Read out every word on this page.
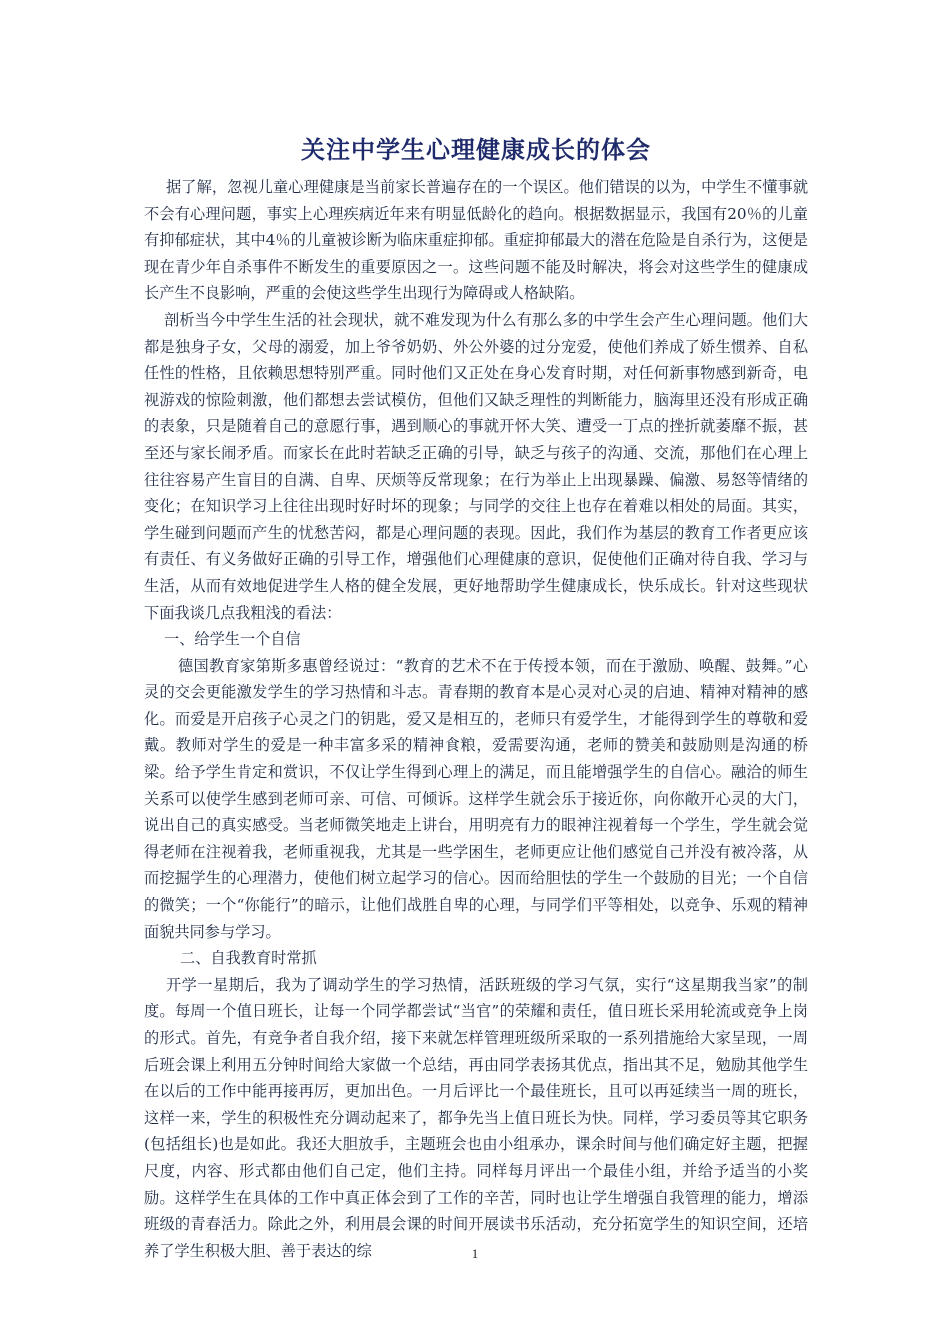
关注中学生心理健康成长的体会

据了解，忽视儿童心理健康是当前家长普遍存在的一个误区。他们错误的以为，中学生不懂事就不会有心理问题，事实上心理疾病近年来有明显低龄化的趋向。根据数据显示，我国有20％的儿童有抑郁症状，其中4％的儿童被诊断为临床重症抑郁。重症抑郁最大的潜在危险是自杀行为，这便是现在青少年自杀事件不断发生的重要原因之一。这些问题不能及时解决，将会对这些学生的健康成长产生不良影响，严重的会使这些学生出现行为障碍或人格缺陷。

剖析当今中学生生活的社会现状，就不难发现为什么有那么多的中学生会产生心理问题。他们大都是独身子女，父母的溺爱，加上爷爷奶奶、外公外婆的过分宠爱，使他们养成了娇生惯养、自私任性的性格，且依赖思想特别严重。同时他们又正处在身心发育时期，对任何新事物感到新奇，电视游戏的惊险刺激，他们都想去尝试模仿，但他们又缺乏理性的判断能力，脑海里还没有形成正确的表象，只是随着自己的意愿行事，遇到顺心的事就开怀大笑、遭受一丁点的挫折就萎靡不振，甚至还与家长闹矛盾。而家长在此时若缺乏正确的引导，缺乏与孩子的沟通、交流，那他们在心理上往往容易产生盲目的自满、自卑、厌烦等反常现象；在行为举止上出现暴躁、偏激、易怒等情绪的变化；在知识学习上往往出现时好时坏的现象；与同学的交往上也存在着难以相处的局面。其实，学生碰到问题而产生的忧愁苦闷，都是心理问题的表现。因此，我们作为基层的教育工作者更应该有责任、有义务做好正确的引导工作，增强他们心理健康的意识，促使他们正确对待自我、学习与生活，从而有效地促进学生人格的健全发展，更好地帮助学生健康成长，快乐成长。针对这些现状下面我谈几点我粗浅的看法：

一、给学生一个自信

德国教育家第斯多惠曾经说过：“教育的艺术不在于传授本领，而在于激励、唤醒、鼓舞。”心灵的交会更能激发学生的学习热情和斗志。青春期的教育本是心灵对心灵的启迪、精神对精神的感化。而爱是开启孩子心灵之门的钥匙，爱又是相互的，老师只有爱学生，才能得到学生的尊敬和爱戴。教师对学生的爱是一种丰富多采的精神食粮，爱需要沟通，老师的赞美和鼓励则是沟通的桥梁。给予学生肯定和赏识，不仅让学生得到心理上的满足，而且能增强学生的自信心。融洽的师生关系可以使学生感到老师可亲、可信、可倾诉。这样学生就会乐于接近你，向你敞开心灵的大门，说出自己的真实感受。当老师微笑地走上讲台，用明亮有力的眼神注视着每一个学生，学生就会觉得老师在注视着我，老师重视我，尤其是一些学困生，老师更应让他们感觉自己并没有被冷落，从而挖掘学生的心理潜力，使他们树立起学习的信心。因而给胆怯的学生一个鼓励的目光；一个自信的微笑；一个“你能行”的暗示，让他们战胜自卑的心理，与同学们平等相处，以竞争、乐观的精神面貌共同参与学习。

二、自我教育时常抓

开学一星期后，我为了调动学生的学习热情，活跃班级的学习气氛，实行“这星期我当家”的制度。每周一个值日班长，让每一个同学都尝试“当官”的荣耀和责任，值日班长采用轮流或竞争上岗的形式。首先，有竞争者自我介绍，接下来就怎样管理班级所采取的一系列措施给大家呈现，一周后班会课上利用五分钟时间给大家做一个总结，再由同学表扬其优点，指出其不足，勉励其他学生在以后的工作中能再接再厉，更加出色。一月后评比一个最佳班长，且可以再延续当一周的班长，这样一来，学生的积极性充分调动起来了，都争先当上值日班长为快。同样，学习委员等其它职务(包括组长)也是如此。我还大胆放手，主题班会也由小组承办，课余时间与他们确定好主题，把握尺度，内容、形式都由他们自己定，他们主持。同样每月评出一个最佳小组，并给予适当的小奖励。这样学生在具体的工作中真正体会到了工作的辛苦，同时也让学生增强自我管理的能力，增添班级的青春活力。除此之外，利用晨会课的时间开展读书乐活动，充分拓宽学生的知识空间，还培养了学生积极大胆、善于表达的综	1
